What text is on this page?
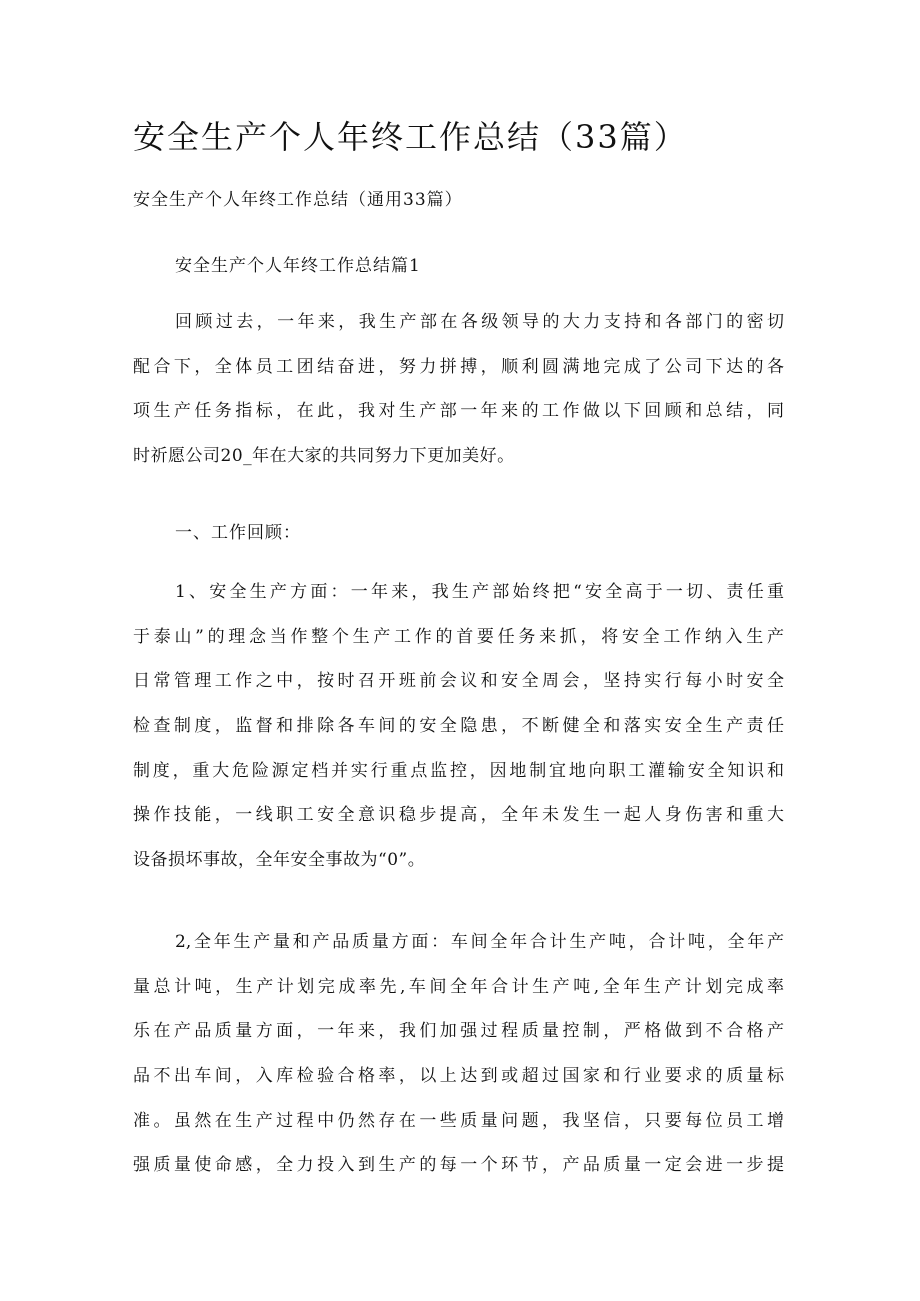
安全生产个人年终工作总结（33篇）

安全生产个人年终工作总结（通用33篇）

安全生产个人年终工作总结篇1

回顾过去，一年来，我生产部在各级领导的大力支持和各部门的密切
配合下，全体员工团结奋进，努力拼搏，顺利圆满地完成了公司下达的各
项生产任务指标，在此，我对生产部一年来的工作做以下回顾和总结，同
时祈愿公司20_年在大家的共同努力下更加美好。

一、工作回顾：

1、安全生产方面：一年来，我生产部始终把“安全高于一切、责任重
于泰山”的理念当作整个生产工作的首要任务来抓，将安全工作纳入生产
日常管理工作之中，按时召开班前会议和安全周会，坚持实行每小时安全
检查制度，监督和排除各车间的安全隐患，不断健全和落实安全生产责任
制度，重大危险源定档并实行重点监控，因地制宜地向职工灌输安全知识和
操作技能，一线职工安全意识稳步提高，全年未发生一起人身伤害和重大
设备损坏事故，全年安全事故为“0”。
2,全年生产量和产品质量方面：车间全年合计生产吨，合计吨，全年产
量总计吨，生产计划完成率先,车间全年合计生产吨,全年生产计划完成率
乐在产品质量方面，一年来，我们加强过程质量控制，严格做到不合格产
品不出车间，入库检验合格率，以上达到或超过国家和行业要求的质量标
准。虽然在生产过程中仍然存在一些质量问题，我坚信，只要每位员工增
强质量使命感，全力投入到生产的每一个环节，产品质量一定会进一步提
